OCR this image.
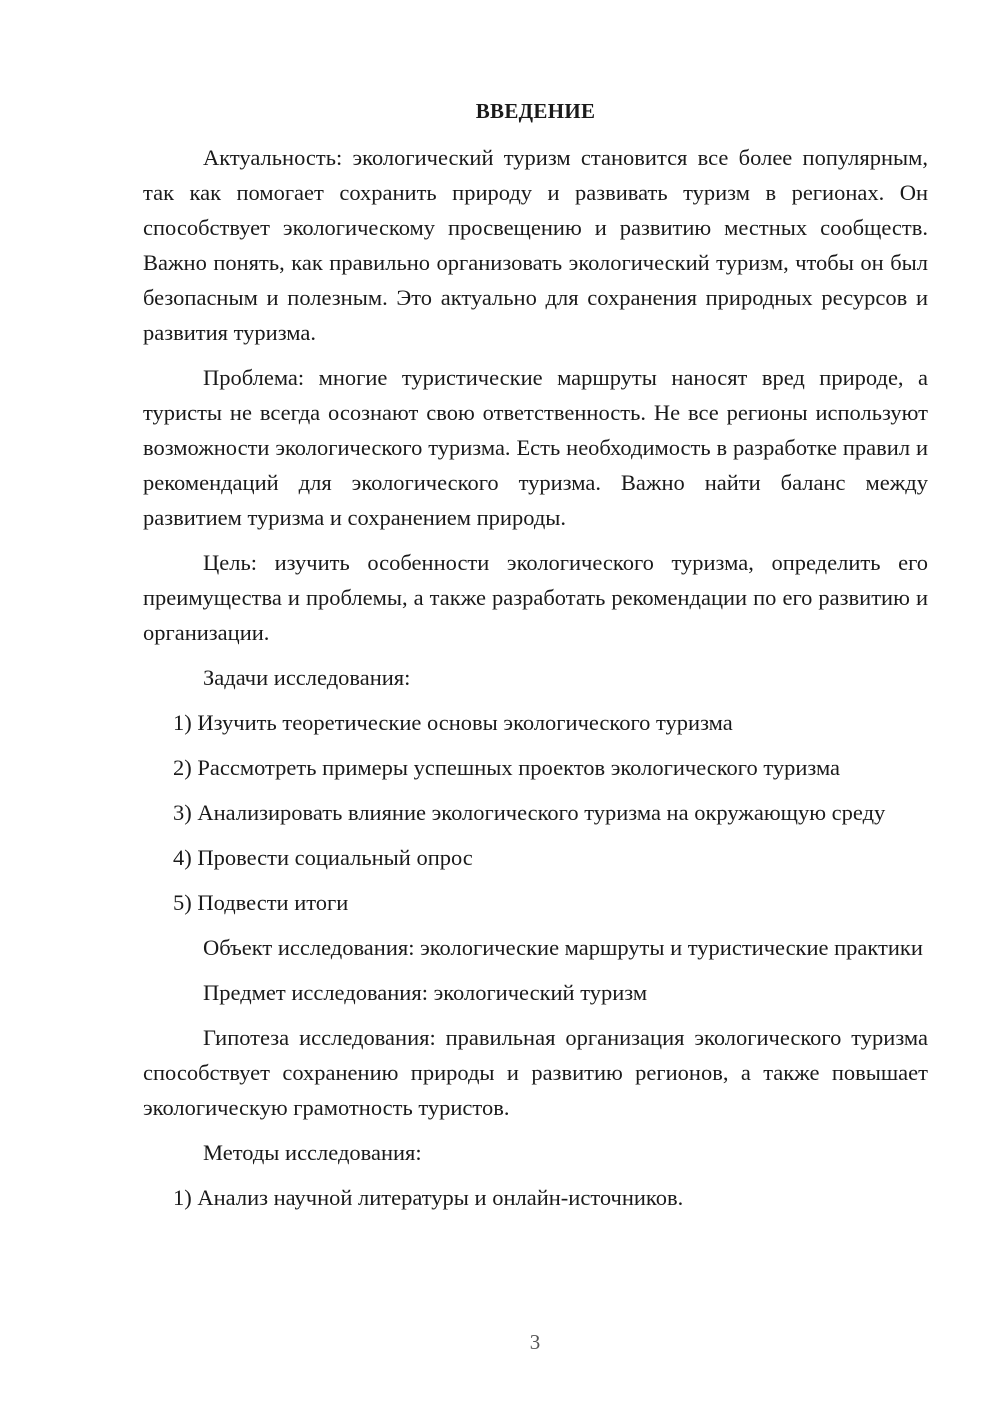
ВВЕДЕНИЕ

Актуальность: экологический туризм становится все более популярным, так как помогает сохранить природу и развивать туризм в регионах. Он способствует экологическому просвещению и развитию местных сообществ. Важно понять, как правильно организовать экологический туризм, чтобы он был безопасным и полезным. Это актуально для сохранения природных ресурсов и развития туризма.

Проблема: многие туристические маршруты наносят вред природе, а туристы не всегда осознают свою ответственность. Не все регионы используют возможности экологического туризма. Есть необходимость в разработке правил и рекомендаций для экологического туризма. Важно найти баланс между развитием туризма и сохранением природы.

Цель: изучить особенности экологического туризма, определить его преимущества и проблемы, а также разработать рекомендации по его развитию и организации.

Задачи исследования:

1) Изучить теоретические основы экологического туризма

2) Рассмотреть примеры успешных проектов экологического туризма

3) Анализировать влияние экологического туризма на окружающую среду

4) Провести социальный опрос

5) Подвести итоги

Объект исследования: экологические маршруты и туристические практики

Предмет исследования: экологический туризм

Гипотеза исследования: правильная организация экологического туризма способствует сохранению природы и развитию регионов, а также повышает экологическую грамотность туристов.

Методы исследования:

1) Анализ научной литературы и онлайн-источников.

3
